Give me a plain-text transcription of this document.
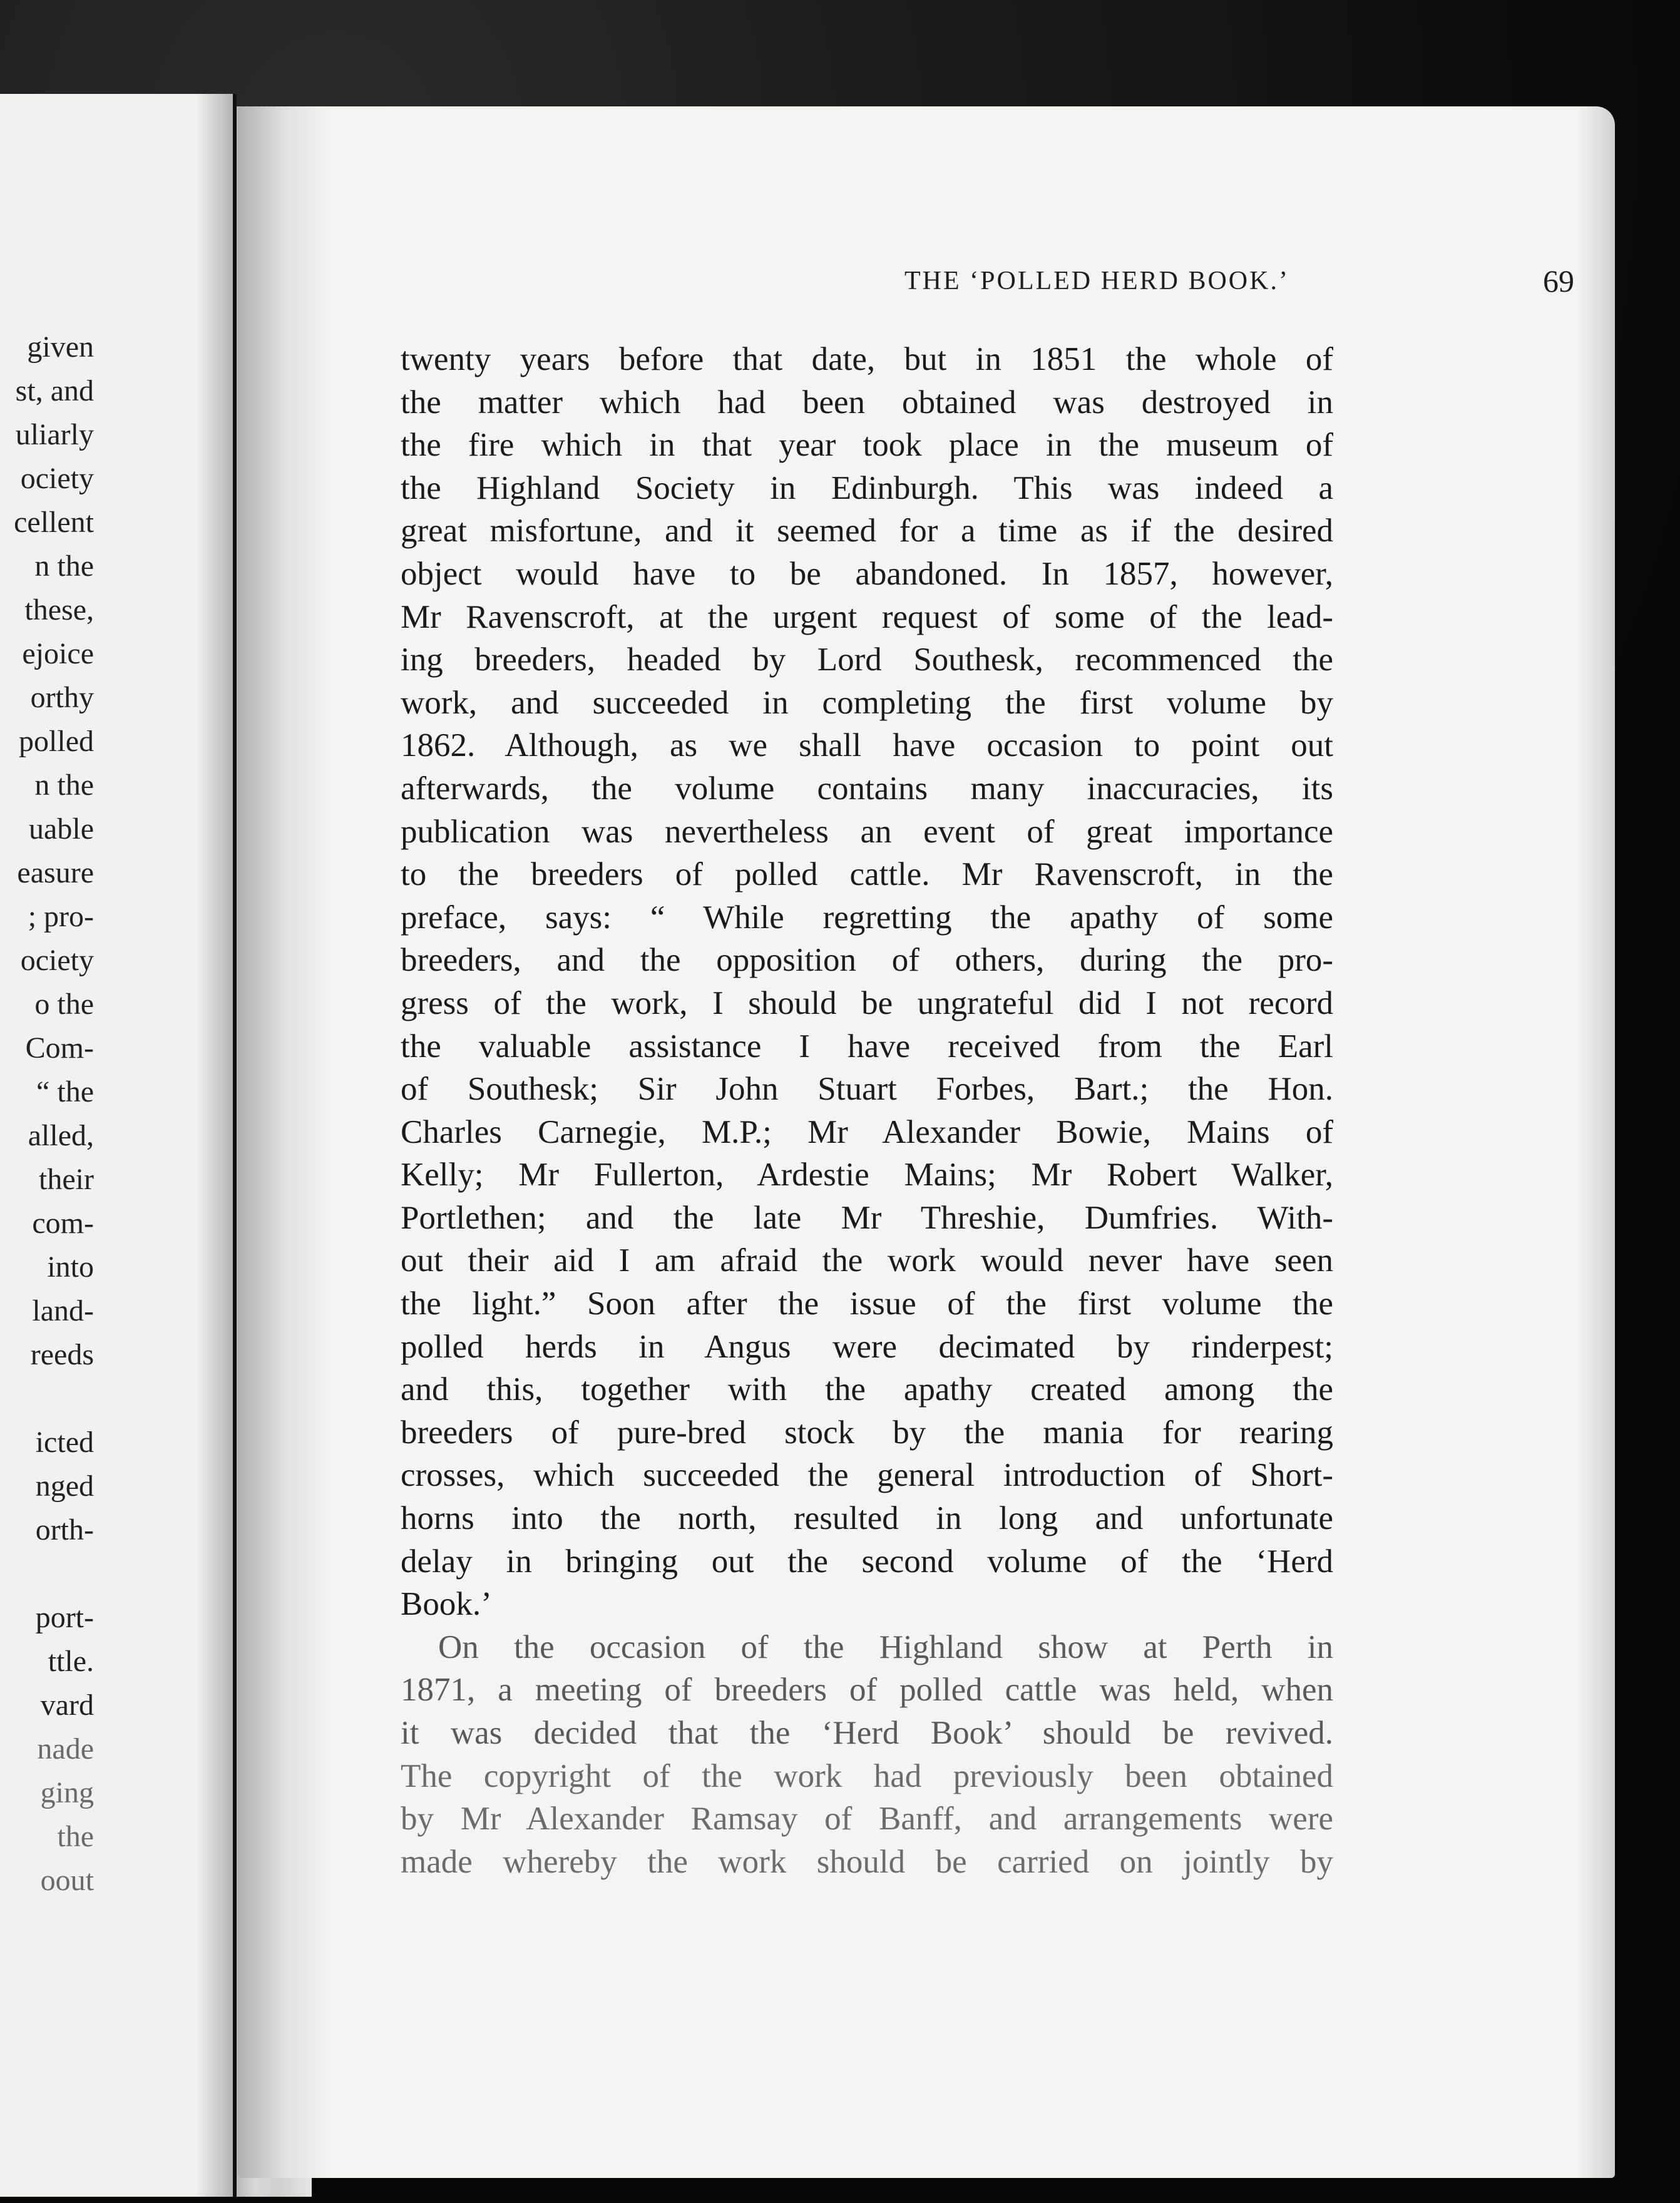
given
st, and
uliarly
ociety
cellent
n the
these,
ejoice
orthy
polled
n the
uable
easure
; pro-
ociety
o the
Com-
“ the
alled,
their
com-
into
land-
reeds
icted
nged
orth-
port-
ttle.
vard
nade
ging
the
oout
THE ‘POLLED HERD BOOK.’	69
twenty years before that date, but in 1851 the whole of
the matter which had been obtained was destroyed in
the fire which in that year took place in the museum of
the Highland Society in Edinburgh. This was indeed a
great misfortune, and it seemed for a time as if the desired
object would have to be abandoned. In 1857, however,
Mr Ravenscroft, at the urgent request of some of the lead-
ing breeders, headed by Lord Southesk, recommenced the
work, and succeeded in completing the first volume by
1862. Although, as we shall have occasion to point out
afterwards, the volume contains many inaccuracies, its
publication was nevertheless an event of great importance
to the breeders of polled cattle. Mr Ravenscroft, in the
preface, says: “ While regretting the apathy of some
breeders, and the opposition of others, during the pro-
gress of the work, I should be ungrateful did I not record
the valuable assistance I have received from the Earl
of Southesk; Sir John Stuart Forbes, Bart.; the Hon.
Charles Carnegie, M.P.; Mr Alexander Bowie, Mains of
Kelly; Mr Fullerton, Ardestie Mains; Mr Robert Walker,
Portlethen; and the late Mr Threshie, Dumfries. With-
out their aid I am afraid the work would never have seen
the light.” Soon after the issue of the first volume the
polled herds in Angus were decimated by rinderpest;
and this, together with the apathy created among the
breeders of pure-bred stock by the mania for rearing
crosses, which succeeded the general introduction of Short-
horns into the north, resulted in long and unfortunate
delay in bringing out the second volume of the ‘Herd
Book.’
On the occasion of the Highland show at Perth in
1871, a meeting of breeders of polled cattle was held, when
it was decided that the ‘Herd Book’ should be revived.
The copyright of the work had previously been obtained
by Mr Alexander Ramsay of Banff, and arrangements were
made whereby the work should be carried on jointly by
